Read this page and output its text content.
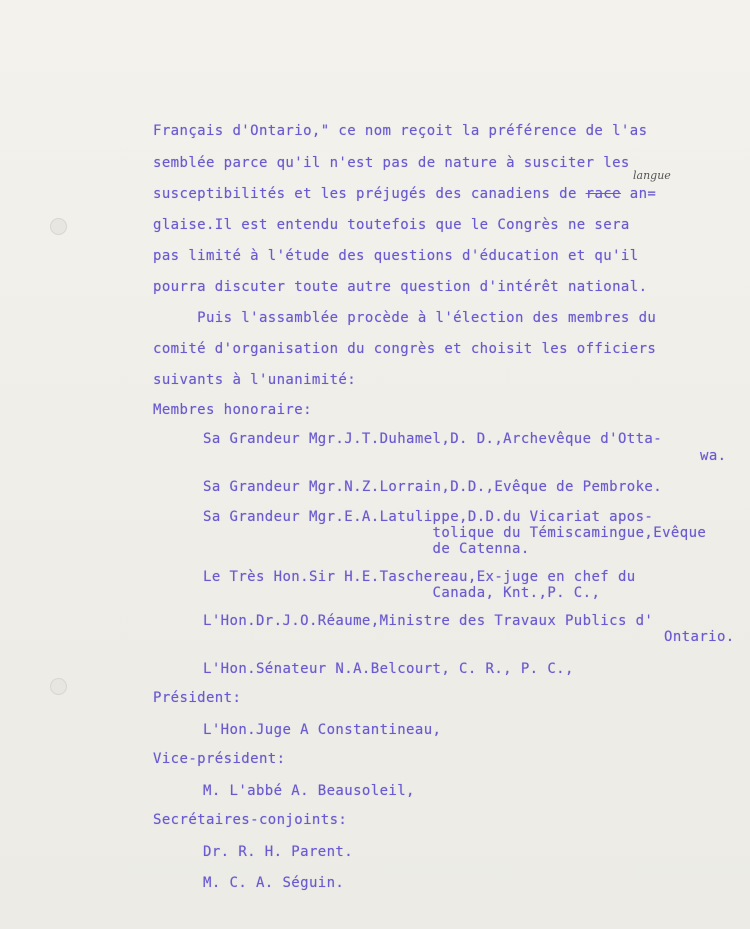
Français d'Ontario," ce nom reçoit la préférence de l'as
semblée parce qu'il n'est pas de nature à susciter les
langue
susceptibilités et les préjugés des canadiens de race an=
glaise.Il est entendu toutefois que le Congrès ne sera
pas limité à l'étude des questions d'éducation et qu'il
pourra discuter toute autre question d'intérêt national.
Puis l'assamblée procède à l'élection des membres du
comité d'organisation du congrès et choisit les officiers
suivants à l'unanimité:
Membres honoraire:
Sa Grandeur Mgr.J.T.Duhamel,D. D.,Archevêque d'Otta-
wa.
Sa Grandeur Mgr.N.Z.Lorrain,D.D.,Evêque de Pembroke.
Sa Grandeur Mgr.E.A.Latulippe,D.D.du Vicariat apos-
tolique du Témiscamingue,Evêque
de Catenna.
Le Très Hon.Sir H.E.Taschereau,Ex-juge en chef du
Canada, Knt.,P. C.,
L'Hon.Dr.J.O.Réaume,Ministre des Travaux Publics d'
Ontario.
L'Hon.Sénateur N.A.Belcourt, C. R., P. C.,
Président:
L'Hon.Juge A Constantineau,
Vice-président:
M. L'abbé A. Beausoleil,
Secrétaires-conjoints:
Dr. R. H. Parent.
M. C. A. Séguin.
